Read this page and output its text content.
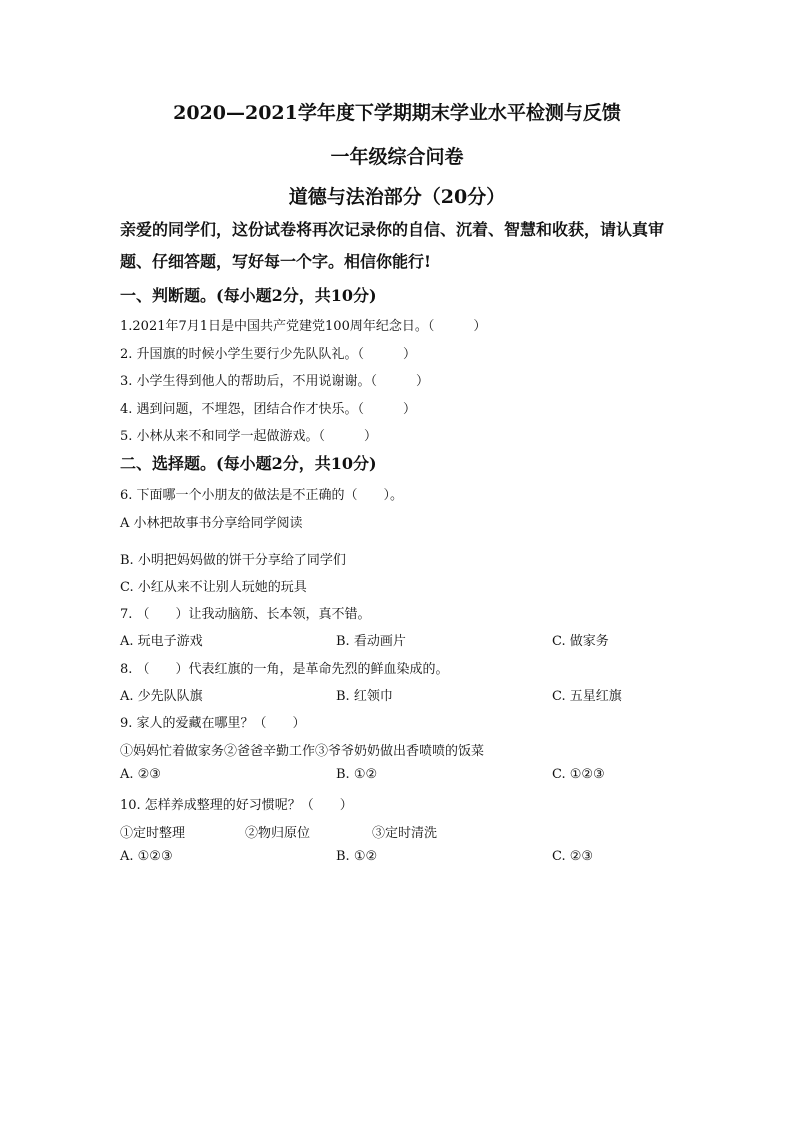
2020—2021学年度下学期期末学业水平检测与反馈
一年级综合问卷
道德与法治部分（20分）
亲爱的同学们，这份试卷将再次记录你的自信、沉着、智慧和收获，请认真审题、仔细答题，写好每一个字。相信你能行!
一、判断题。(每小题2分，共10分)
1.2021年7月1日是中国共产党建党100周年纪念日。（　　　）
2. 升国旗的时候小学生要行少先队队礼。（　　　）
3. 小学生得到他人的帮助后，不用说谢谢。（　　　）
4. 遇到问题，不埋怨，团结合作才快乐。（　　　）
5. 小林从来不和同学一起做游戏。（　　　）
二、选择题。(每小题2分，共10分)
6. 下面哪一个小朋友的做法是不正确的（　　）。
A 小林把故事书分享给同学阅读
B. 小明把妈妈做的饼干分享给了同学们
C. 小红从来不让别人玩她的玩具
7. （　　）让我动脑筋、长本领，真不错。
A. 玩电子游戏	B. 看动画片	C. 做家务
8. （　　）代表红旗的一角，是革命先烈的鲜血染成的。
A. 少先队队旗	B. 红领巾	C. 五星红旗
9. 家人的爱藏在哪里？（　　）
①妈妈忙着做家务②爸爸辛勤工作③爷爷奶奶做出香喷喷的饭菜
A. ②③	B. ①②	C. ①②③
10. 怎样养成整理的好习惯呢？（　　）
①定时整理	②物归原位	③定时清洗
A. ①②③	B. ①②	C. ②③
